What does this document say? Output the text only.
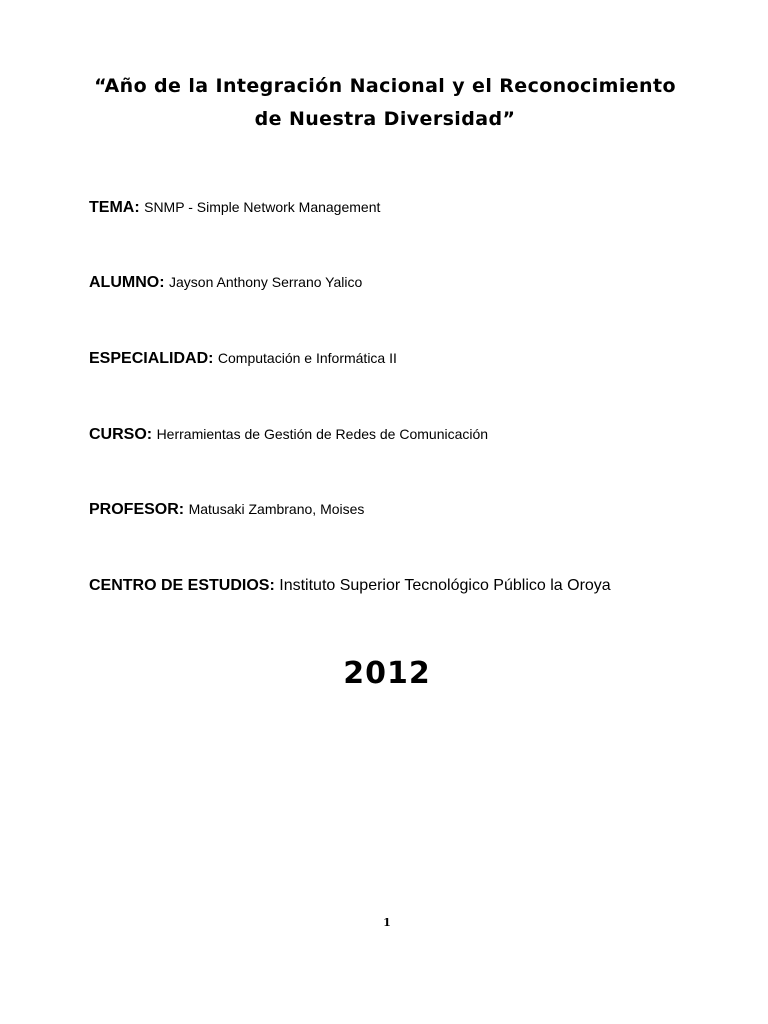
“Año de la Integración Nacional y el Reconocimiento
de Nuestra Diversidad”
TEMA: SNMP - Simple Network Management
ALUMNO: Jayson Anthony Serrano Yalico
ESPECIALIDAD: Computación e Informática II
CURSO: Herramientas de Gestión de Redes de Comunicación
PROFESOR: Matusaki Zambrano, Moises
CENTRO DE ESTUDIOS: Instituto Superior Tecnológico Público la Oroya
2012
1
